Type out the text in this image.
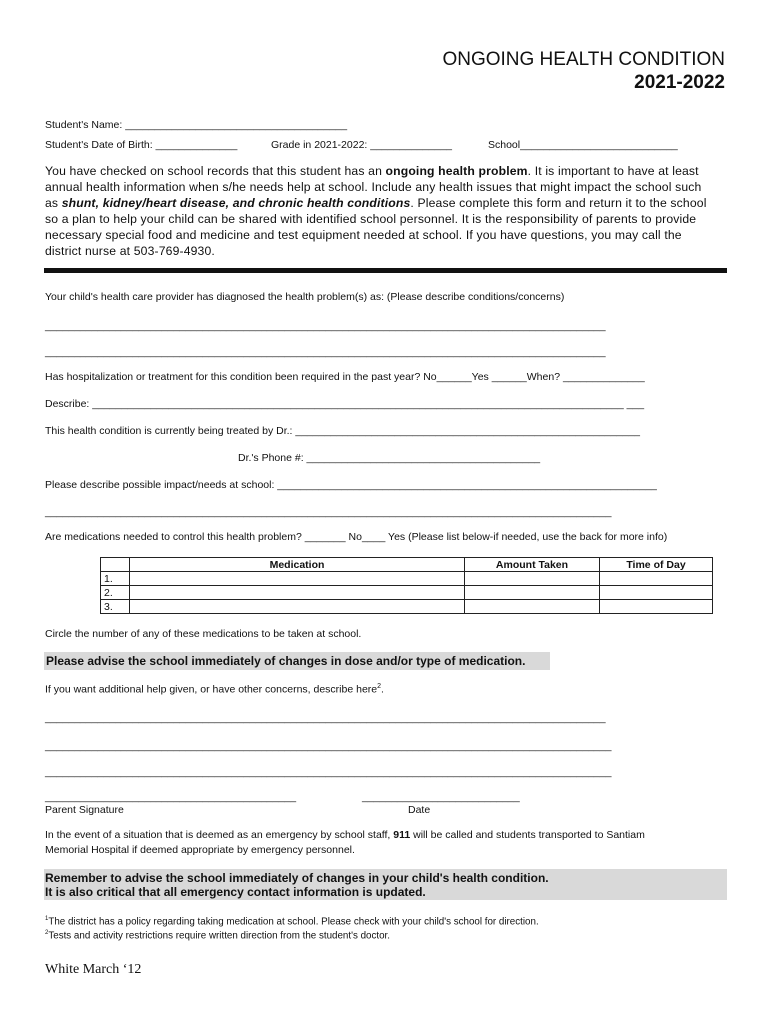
ONGOING HEALTH CONDITION
2021-2022
Student's Name: ______________________________________
Student's Date of Birth: ______________	Grade in 2021-2022: ______________	School___________________________
You have checked on school records that this student has an ongoing health problem. It is important to have at least annual health information when s/he needs help at school. Include any health issues that might impact the school such as shunt, kidney/heart disease, and chronic health conditions. Please complete this form and return it to the school so a plan to help your child can be shared with identified school personnel. It is the responsibility of parents to provide necessary special food and medicine and test equipment needed at school. If you have questions, you may call the district nurse at 503-769-4930.
Your child's health care provider has diagnosed the health problem(s) as: (Please describe conditions/concerns)
________________________________________________________________________________________________
________________________________________________________________________________________________
Has hospitalization or treatment for this condition been required in the past year? No______Yes ______When? ______________
Describe: ___________________________________________________________________________________________ ___
This health condition is currently being treated by Dr.: ___________________________________________________________
Dr.'s Phone #: ________________________________________
Please describe possible impact/needs at school: _________________________________________________________________
_________________________________________________________________________________________________
Are medications needed to control this health problem? _______ No____ Yes (Please list below-if needed, use the back for more info)
	Medication	Amount Taken	Time of Day
1.			
2.			
3.			
Circle the number of any of these medications to be taken at school.
Please advise the school immediately of changes in dose and/or type of medication.
If you want additional help given, or have other concerns, describe here$^2$.
________________________________________________________________________________________________
_________________________________________________________________________________________________
_________________________________________________________________________________________________
___________________________________________	___________________________
Parent Signature	Date
In the event of a situation that is deemed as an emergency by school staff, 911 will be called and students transported to Santiam
Memorial Hospital if deemed appropriate by emergency personnel.
Remember to advise the school immediately of changes in your child's health condition.
It is also critical that all emergency contact information is updated.
$^1$The district has a policy regarding taking medication at school. Please check with your child's school for direction.
$^2$Tests and activity restrictions require written direction from the student's doctor.
White March ‘12
